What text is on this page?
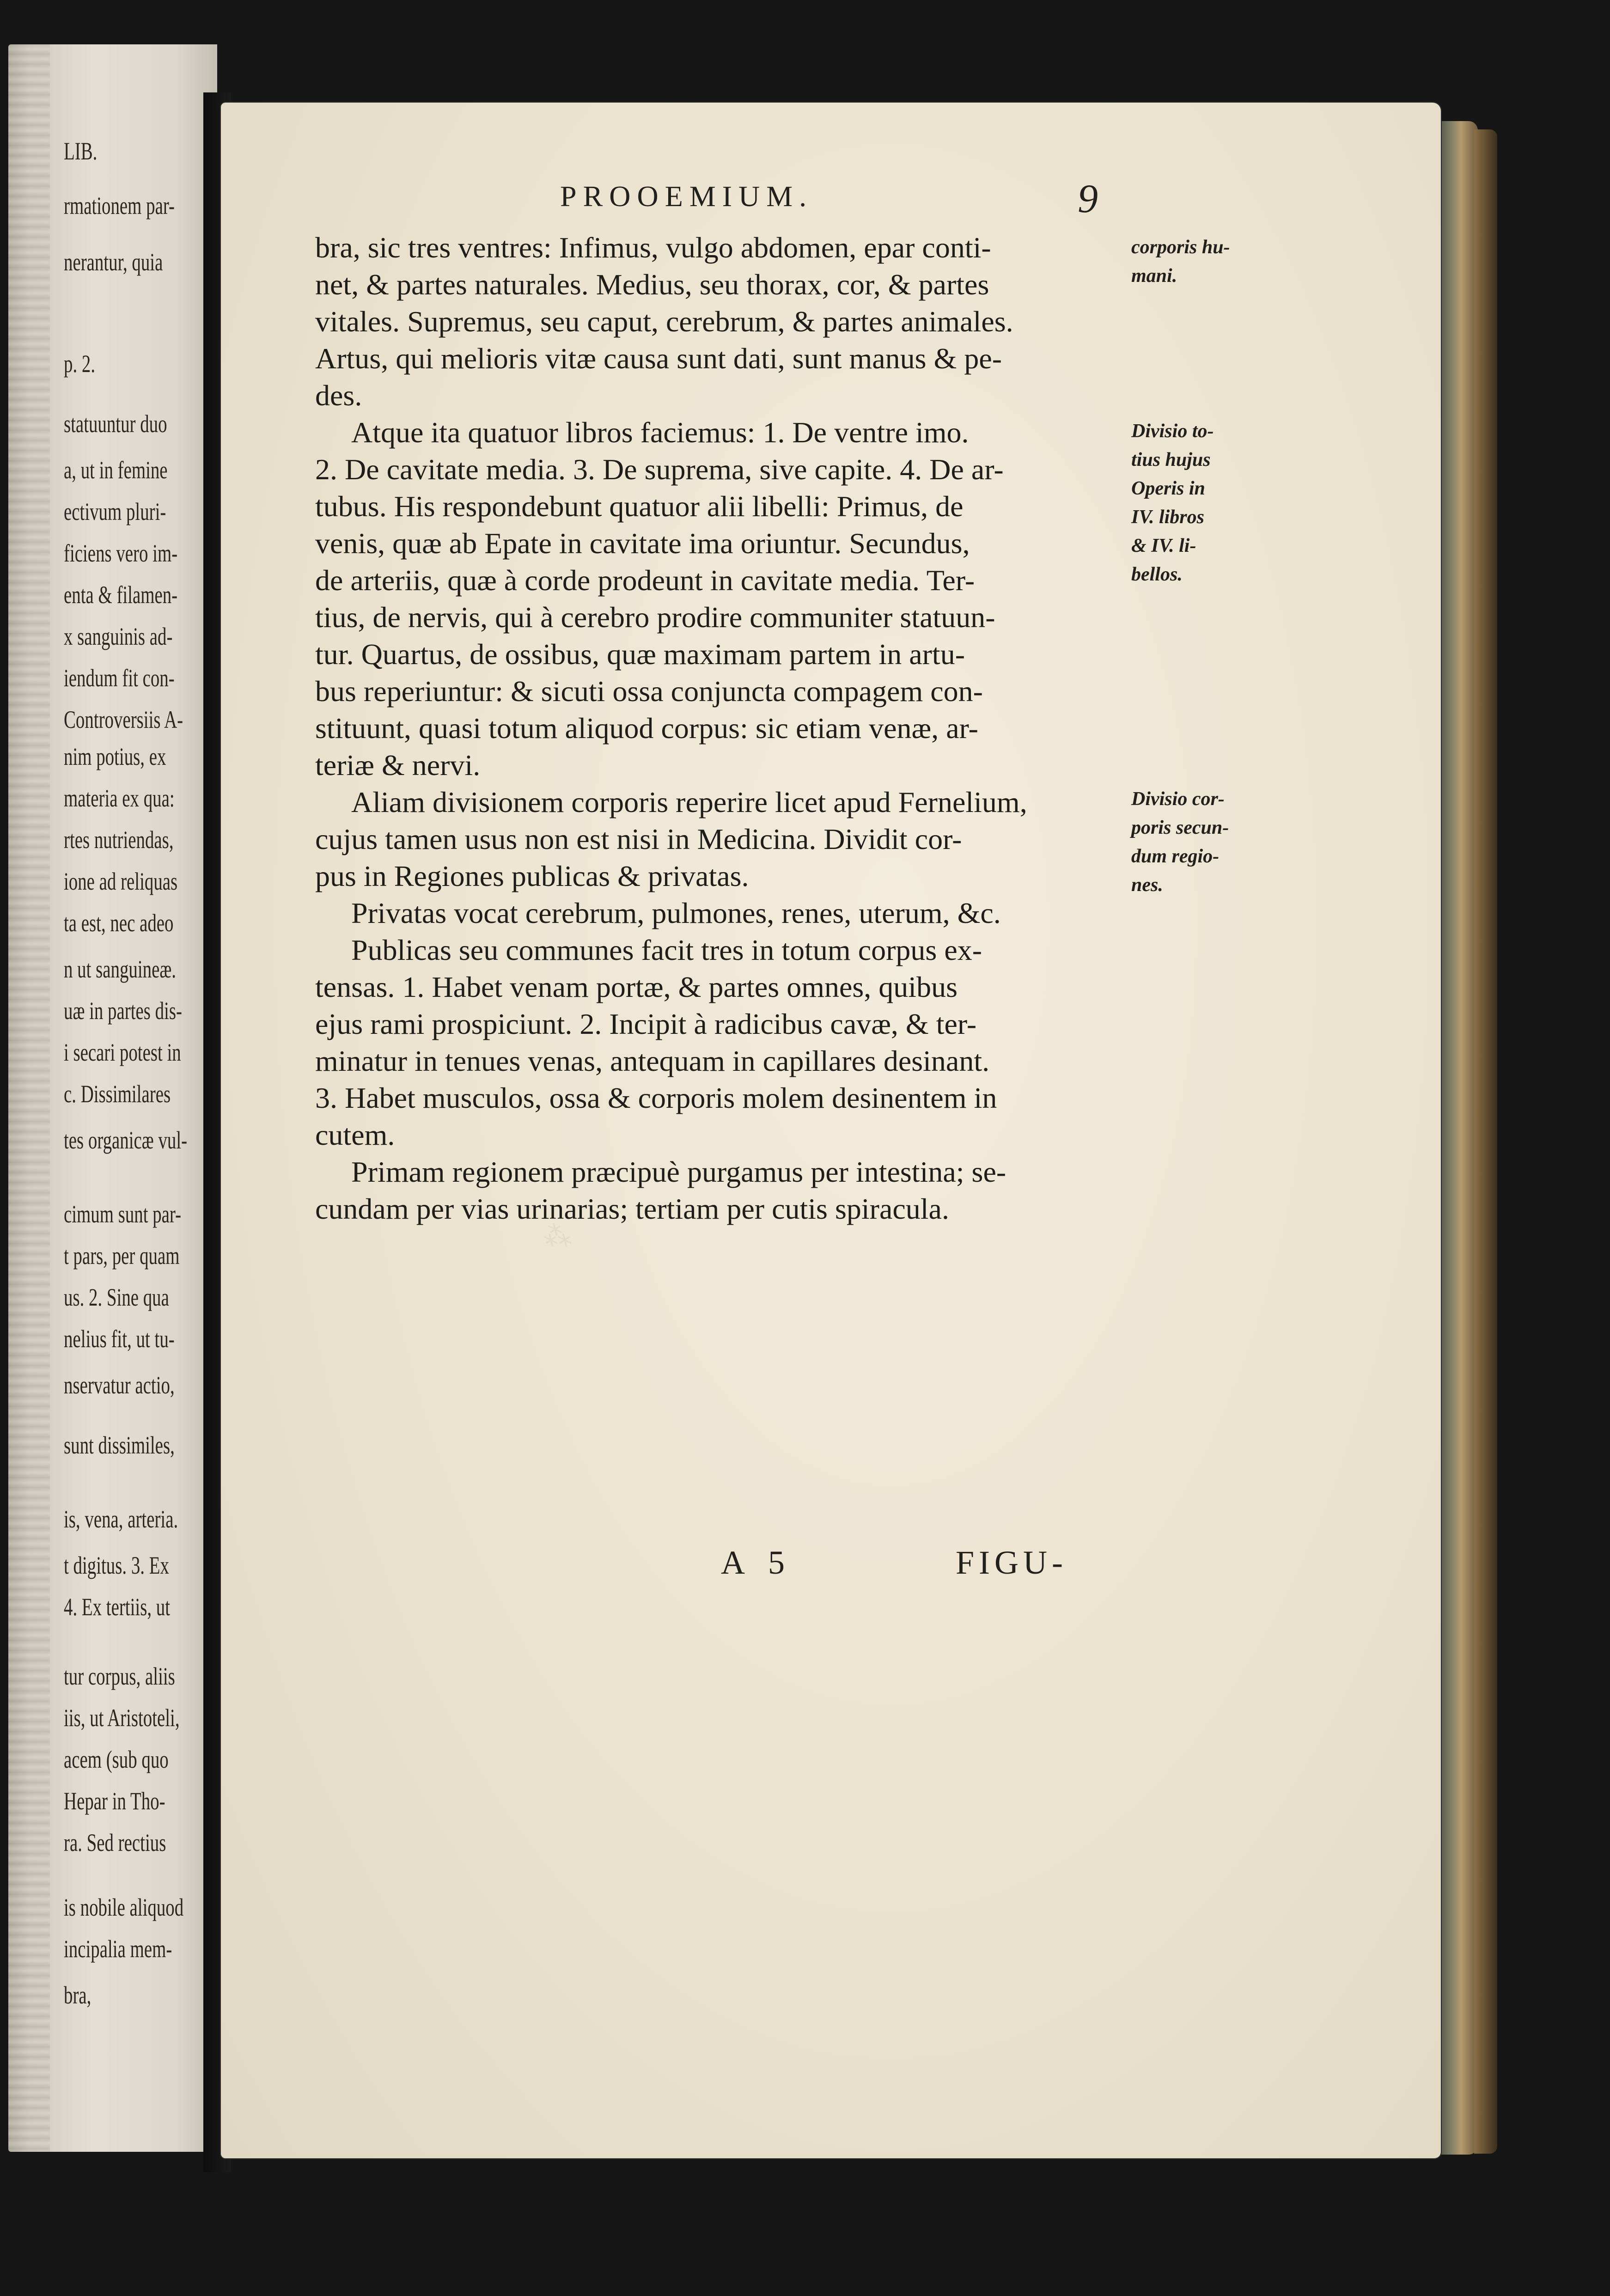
LIB.
rmationem par-
nerantur, quia
p. 2.
statuuntur duo
a, ut in femine
ectivum pluri-
ficiens vero im-
enta & filamen-
x sanguinis ad-
iendum fit con-
Controversiis A-
nim potius, ex
materia ex qua:
rtes nutriendas,
ione ad reliquas
ta est, nec adeo
n ut sanguineæ.
uæ in partes dis-
i secari potest in
c. Dissimilares
tes organicæ vul-
cimum sunt par-
t pars, per quam
us. 2. Sine qua
nelius fit, ut tu-
nservatur actio,
sunt dissimiles,
is, vena, arteria.
t digitus. 3. Ex
4. Ex tertiis, ut
tur corpus, aliis
iis, ut Aristoteli,
acem (sub quo
Hepar in Tho-
ra. Sed rectius
is nobile aliquod
incipalia mem-
bra,
⁂
PROOEMIUM.	9
bra, sic tres ventres: Infimus, vulgo abdomen, epar conti-
net, & partes naturales. Medius, seu thorax, cor, & partes
vitales. Supremus, seu caput, cerebrum, & partes animales.
Artus, qui melioris vitæ causa sunt dati, sunt manus & pe-
des.
Atque ita quatuor libros faciemus: 1. De ventre imo.
2. De cavitate media. 3. De suprema, sive capite. 4. De ar-
tubus. His respondebunt quatuor alii libelli: Primus, de
venis, quæ ab Epate in cavitate ima oriuntur. Secundus,
de arteriis, quæ à corde prodeunt in cavitate media. Ter-
tius, de nervis, qui à cerebro prodire communiter statuun-
tur. Quartus, de ossibus, quæ maximam partem in artu-
bus reperiuntur: & sicuti ossa conjuncta compagem con-
stituunt, quasi totum aliquod corpus: sic etiam venæ, ar-
teriæ & nervi.
Aliam divisionem corporis reperire licet apud Fernelium,
cujus tamen usus non est nisi in Medicina. Dividit cor-
pus in Regiones publicas & privatas.
Privatas vocat cerebrum, pulmones, renes, uterum, &c.
Publicas seu communes facit tres in totum corpus ex-
tensas. 1. Habet venam portæ, & partes omnes, quibus
ejus rami prospiciunt. 2. Incipit à radicibus cavæ, & ter-
minatur in tenues venas, antequam in capillares desinant.
3. Habet musculos, ossa & corporis molem desinentem in
cutem.
Primam regionem præcipuè purgamus per intestina; se-
cundam per vias urinarias; tertiam per cutis spiracula.
corporis hu-
mani.
Divisio to-
tius hujus
Operis in
IV. libros
& IV. li-
bellos.
Divisio cor-
poris secun-
dum regio-
nes.
A 5	FIGU-
